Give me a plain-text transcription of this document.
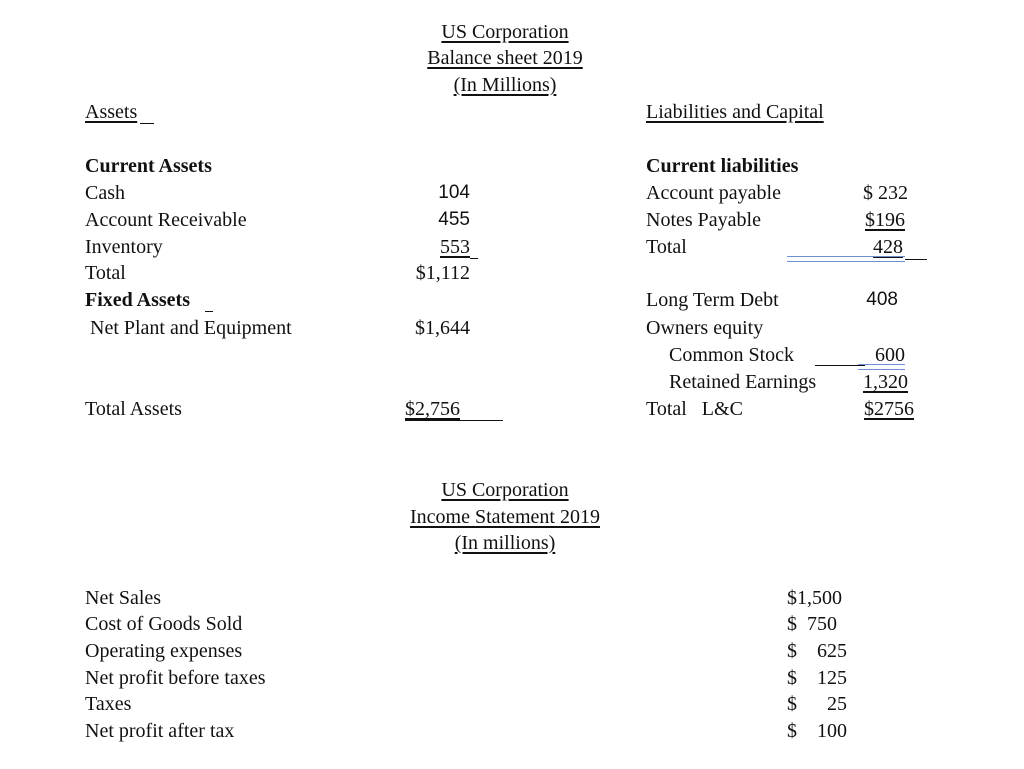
US Corporation
Balance sheet 2019
(In Millions)
Assets	Liabilities and Capital
Current Assets
Cash	104
Account Receivable	455
Inventory	553
Total	$1,112
Fixed Assets
Net Plant and Equipment	$1,644
Total Assets	$2,756
Current liabilities
Account payable	$ 232
Notes Payable	$196
Total	428
Long Term Debt	408
Owners equity
Common Stock	600
Retained Earnings	1,320
Total   L&C	$2756
US Corporation
Income Statement 2019
(In millions)
Net Sales	$1,500
Cost of Goods Sold	$  750
Operating expenses	$    625
Net profit before taxes	$    125
Taxes	$      25
Net profit after tax	$    100
